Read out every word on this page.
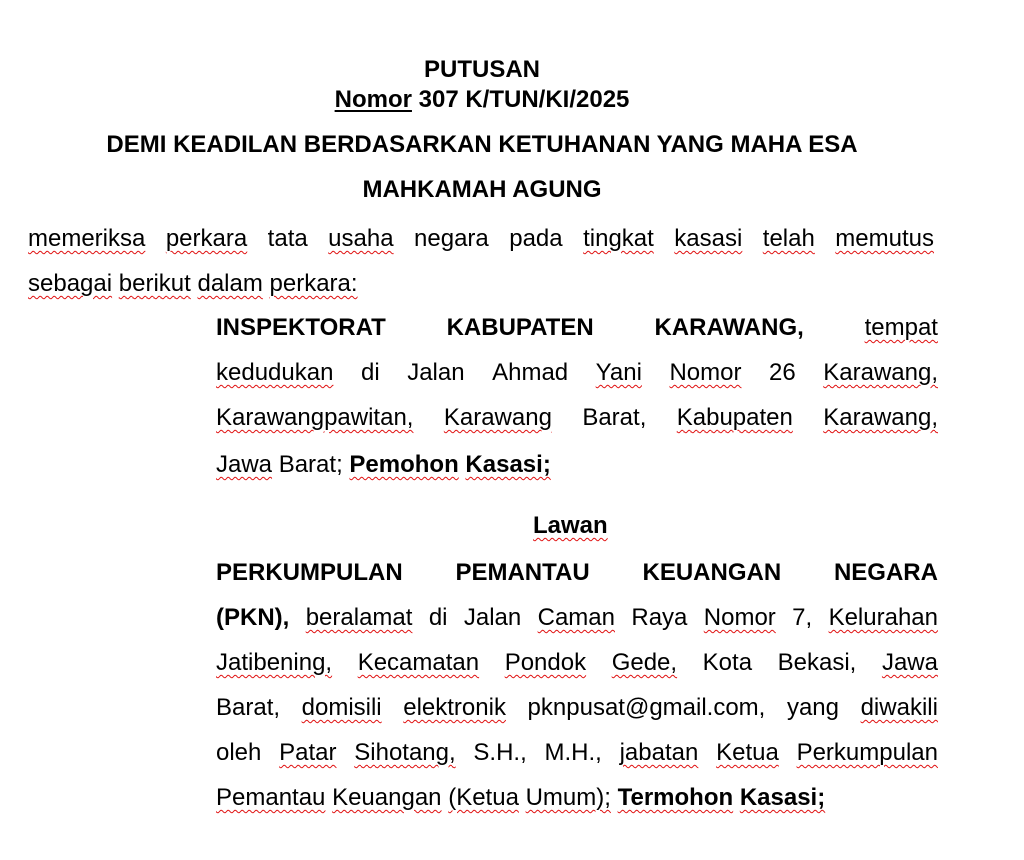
PUTUSAN
Nomor 307 K/TUN/KI/2025
DEMI KEADILAN BERDASARKAN KETUHANAN YANG MAHA ESA
MAHKAMAH AGUNG
memeriksa perkara tata usaha negara pada tingkat kasasi telah memutus
sebagai berikut dalam perkara:
INSPEKTORAT	KABUPATEN	KARAWANG,	tempat
kedudukan di Jalan Ahmad Yani Nomor 26 Karawang,
Karawangpawitan, Karawang Barat, Kabupaten Karawang,
Jawa Barat; Pemohon Kasasi;
Lawan
PERKUMPULAN PEMANTAU KEUANGAN NEGARA
(PKN), beralamat di Jalan Caman Raya Nomor 7, Kelurahan
Jatibening, Kecamatan Pondok Gede, Kota Bekasi, Jawa
Barat, domisili elektronik pknpusat@gmail.com, yang diwakili
oleh Patar Sihotang, S.H., M.H., jabatan Ketua Perkumpulan
Pemantau Keuangan (Ketua Umum); Termohon Kasasi;
